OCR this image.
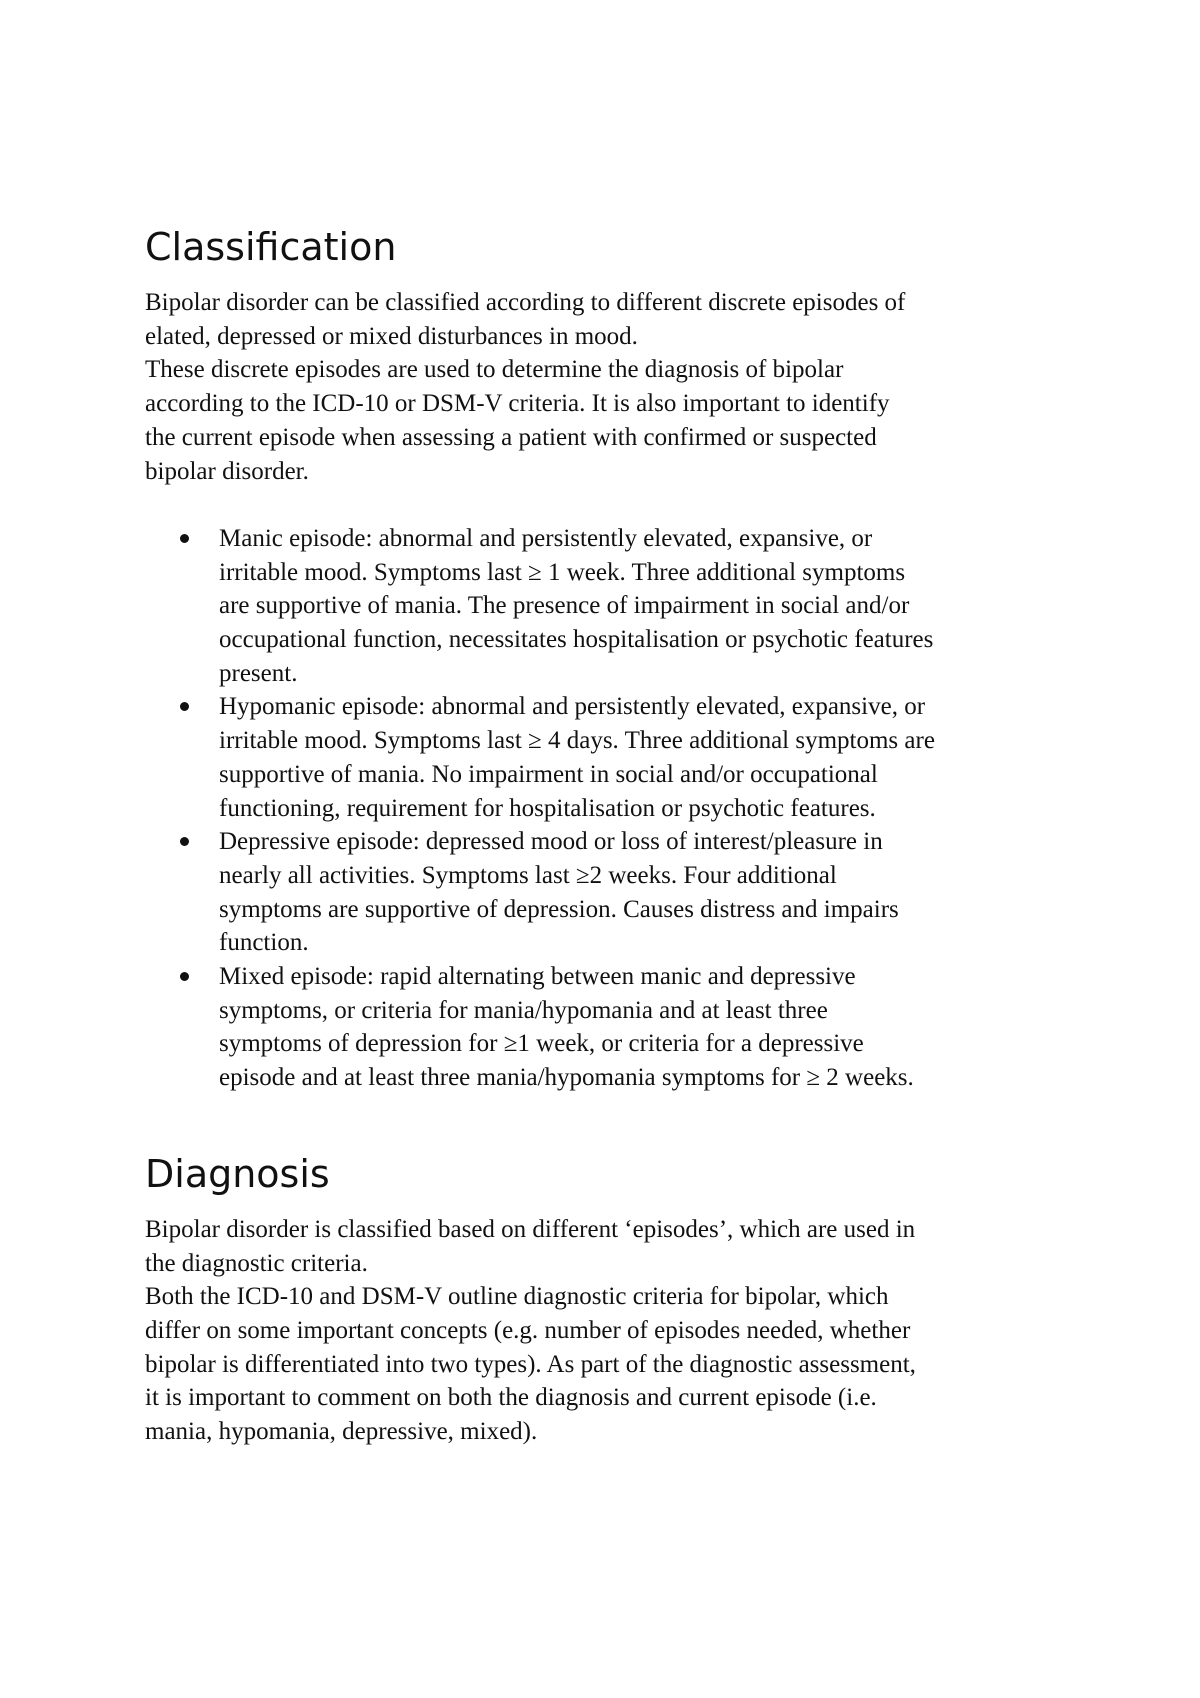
Classification
Bipolar disorder can be classified according to different discrete episodes of
elated, depressed or mixed disturbances in mood.
These discrete episodes are used to determine the diagnosis of bipolar
according to the ICD-10 or DSM-V criteria. It is also important to identify
the current episode when assessing a patient with confirmed or suspected
bipolar disorder.
Manic episode: abnormal and persistently elevated, expansive, or
irritable mood. Symptoms last ≥ 1 week. Three additional symptoms
are supportive of mania. The presence of impairment in social and/or
occupational function, necessitates hospitalisation or psychotic features
present.
Hypomanic episode: abnormal and persistently elevated, expansive, or
irritable mood. Symptoms last ≥ 4 days. Three additional symptoms are
supportive of mania. No impairment in social and/or occupational
functioning, requirement for hospitalisation or psychotic features.
Depressive episode: depressed mood or loss of interest/pleasure in
nearly all activities. Symptoms last ≥2 weeks. Four additional
symptoms are supportive of depression. Causes distress and impairs
function.
Mixed episode: rapid alternating between manic and depressive
symptoms, or criteria for mania/hypomania and at least three
symptoms of depression for ≥1 week, or criteria for a depressive
episode and at least three mania/hypomania symptoms for ≥ 2 weeks.
Diagnosis
Bipolar disorder is classified based on different ‘episodes’, which are used in
the diagnostic criteria.
Both the ICD-10 and DSM-V outline diagnostic criteria for bipolar, which
differ on some important concepts (e.g. number of episodes needed, whether
bipolar is differentiated into two types). As part of the diagnostic assessment,
it is important to comment on both the diagnosis and current episode (i.e.
mania, hypomania, depressive, mixed).
